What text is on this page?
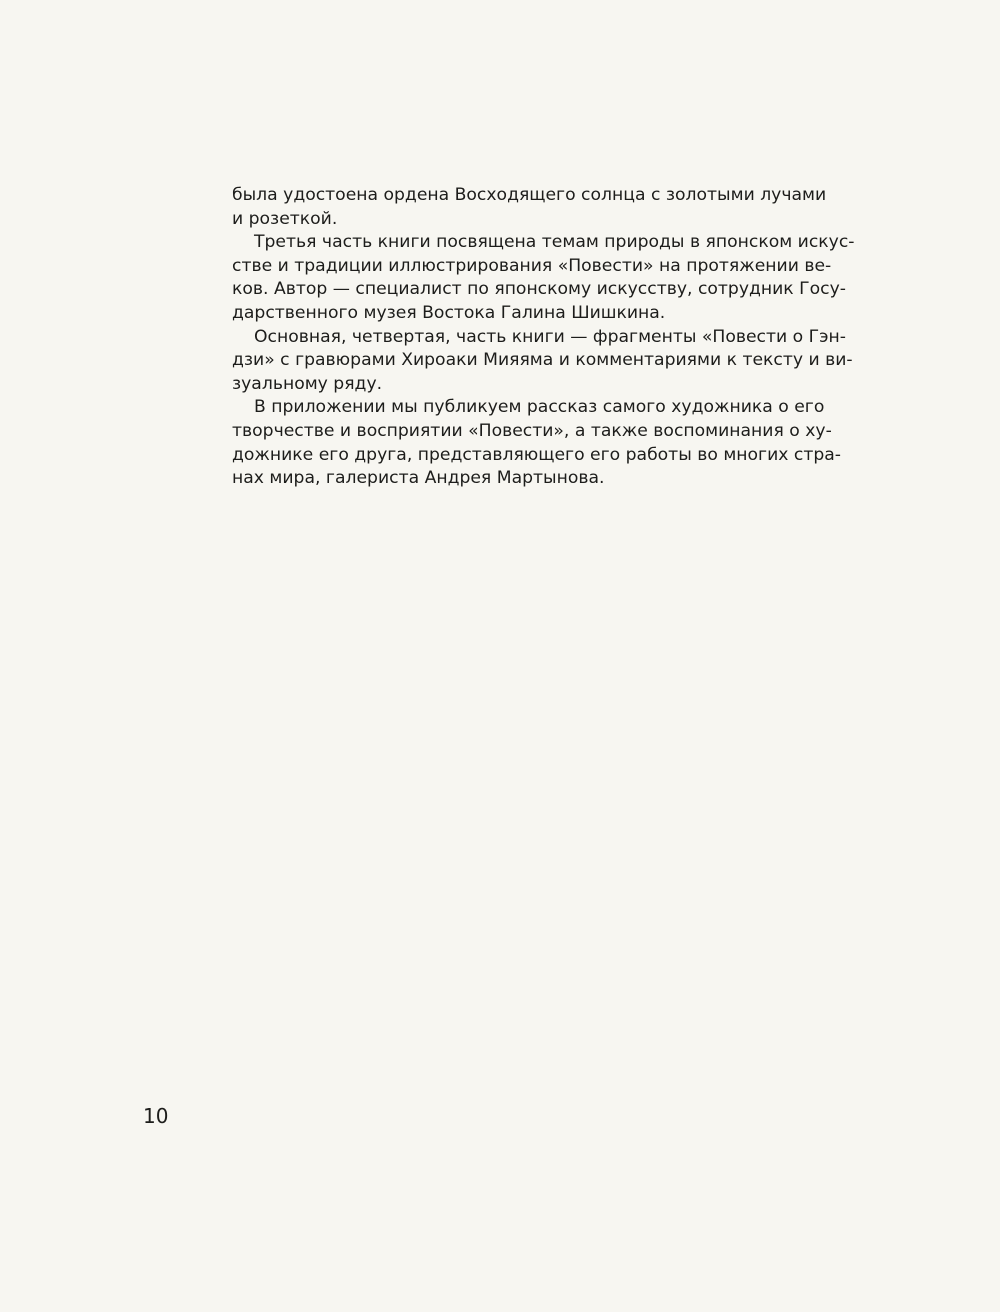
была удостоена ордена Восходящего солнца с золотыми лучами
и розеткой.
Третья часть книги посвящена темам природы в японском искус-
стве и традиции иллюстрирования «Повести» на протяжении ве-
ков. Автор — специалист по японскому искусству, сотрудник Госу-
дарственного музея Востока Галина Шишкина.
Основная, четвертая, часть книги — фрагменты «Повести о Гэн-
дзи» с гравюрами Хироаки Мияяма и комментариями к тексту и ви-
зуальному ряду.
В приложении мы публикуем рассказ самого художника о его
творчестве и восприятии «Повести», а также воспоминания о ху-
дожнике его друга, представляющего его работы во многих стра-
нах мира, галериста Андрея Мартынова.
10
